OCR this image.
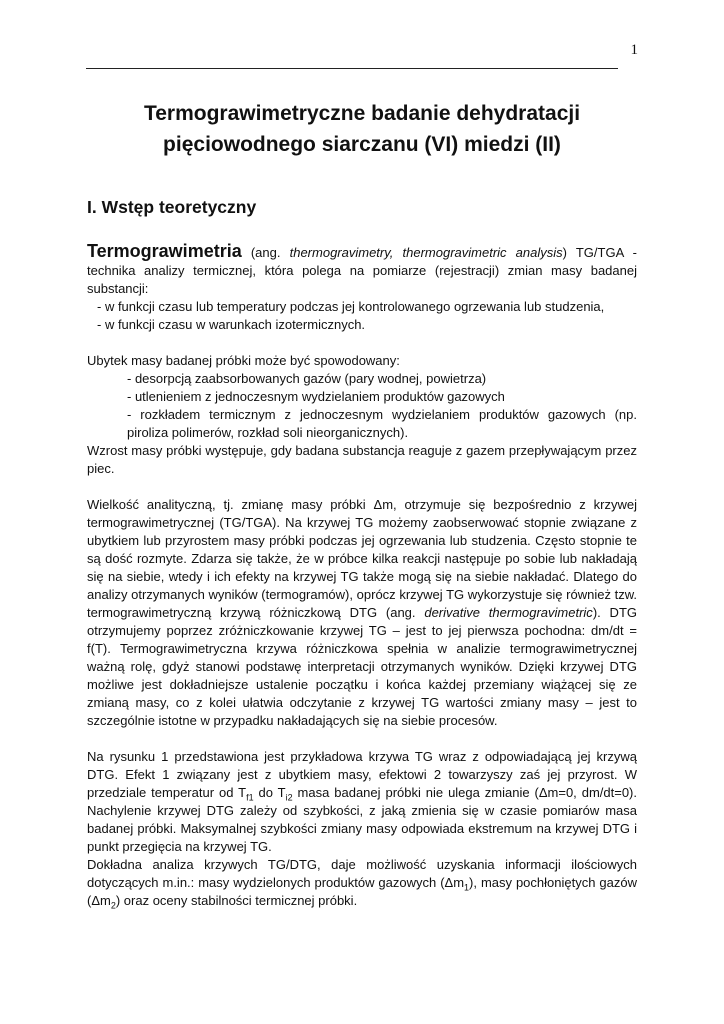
1
Termograwimetryczne badanie dehydratacji
pięciowodnego siarczanu (VI) miedzi (II)
I. Wstęp teoretyczny

Termograwimetria (ang. thermogravimetry, thermogravimetric analysis) TG/TGA - technika analizy termicznej, która polega na pomiarze (rejestracji) zmian masy badanej substancji:

- w funkcji czasu lub temperatury podczas jej kontrolowanego ogrzewania lub studzenia,
- w funkcji czasu w warunkach izotermicznych.

Ubytek masy badanej próbki może być spowodowany:

- desorpcją zaabsorbowanych gazów (pary wodnej, powietrza)
- utlenieniem z jednoczesnym wydzielaniem produktów gazowych
- rozkładem termicznym z jednoczesnym wydzielaniem produktów gazowych (np. piroliza polimerów, rozkład soli nieorganicznych).

Wzrost masy próbki występuje, gdy badana substancja reaguje z gazem przepływającym przez piec.

Wielkość analityczną, tj. zmianę masy próbki Δm, otrzymuje się bezpośrednio z krzywej termograwimetrycznej (TG/TGA). Na krzywej TG możemy zaobserwować stopnie związane z ubytkiem lub przyrostem masy próbki podczas jej ogrzewania lub studzenia. Często stopnie te są dość rozmyte. Zdarza się także, że w próbce kilka reakcji następuje po sobie lub nakładają się na siebie, wtedy i ich efekty na krzywej TG także mogą się na siebie nakładać. Dlatego do analizy otrzymanych wyników (termogramów), oprócz krzywej TG wykorzystuje się również tzw. termograwimetryczną krzywą różniczkową DTG (ang. derivative thermogravimetric). DTG otrzymujemy poprzez zróżniczkowanie krzywej TG – jest to jej pierwsza pochodna: dm/dt = f(T). Termograwimetryczna krzywa różniczkowa spełnia w analizie termograwimetrycznej ważną rolę, gdyż stanowi podstawę interpretacji otrzymanych wyników. Dzięki krzywej DTG możliwe jest dokładniejsze ustalenie początku i końca każdej przemiany wiążącej się ze zmianą masy, co z kolei ułatwia odczytanie z krzywej TG wartości zmiany masy – jest to szczególnie istotne w przypadku nakładających się na siebie procesów.

Na rysunku 1 przedstawiona jest przykładowa krzywa TG wraz z odpowiadającą jej krzywą DTG. Efekt 1 związany jest z ubytkiem masy, efektowi 2 towarzyszy zaś jej przyrost. W przedziale temperatur od $T_{f1}$ do $T_{i2}$ masa badanej próbki nie ulega zmianie (Δm=0, dm/dt=0). Nachylenie krzywej DTG zależy od szybkości, z jaką zmienia się w czasie pomiarów masa badanej próbki. Maksymalnej szybkości zmiany masy odpowiada ekstremum na krzywej DTG i punkt przegięcia na krzywej TG.

Dokładna analiza krzywych TG/DTG, daje możliwość uzyskania informacji ilościowych dotyczących m.in.: masy wydzielonych produktów gazowych $(\Delta m_1)$, masy pochłoniętych gazów $(\Delta m_2)$ oraz oceny stabilności termicznej próbki.
